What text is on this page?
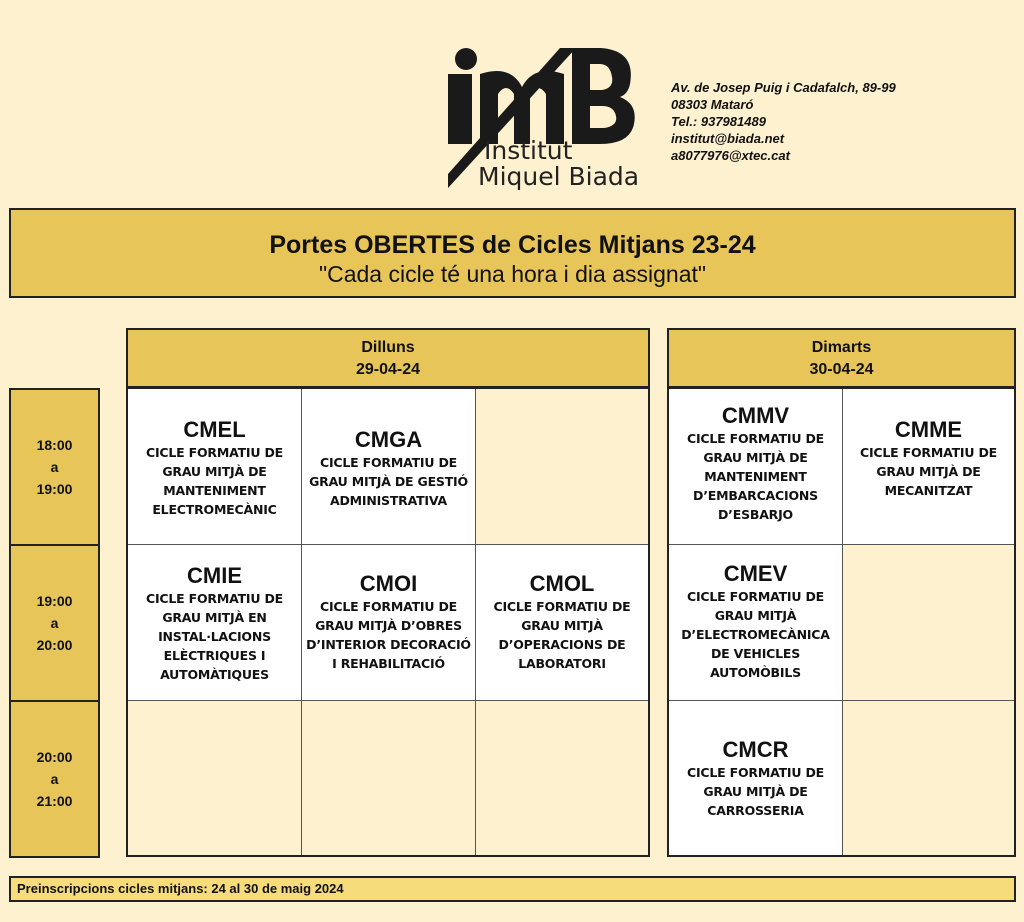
Institut
Miquel Biada
Av. de Josep Puig i Cadafalch, 89-99
08303 Mataró
Tel.: 937981489
institut@biada.net
a8077976@xtec.cat
Portes OBERTES de Cicles Mitjans 23-24
"Cada cicle té una hora i dia assignat"
Dilluns
29-04-24
Dimarts
30-04-24
18:00
a
19:00
19:00
a
20:00
20:00
a
21:00
CMEL
CICLE FORMATIU DE
GRAU MITJÀ DE
MANTENIMENT
ELECTROMECÀNIC
CMGA
CICLE FORMATIU DE
GRAU MITJÀ DE GESTIÓ
ADMINISTRATIVA
CMIE
CICLE FORMATIU DE
GRAU MITJÀ EN
INSTAL·LACIONS
ELÈCTRIQUES I
AUTOMÀTIQUES
CMOI
CICLE FORMATIU DE
GRAU MITJÀ D’OBRES
D’INTERIOR DECORACIÓ
I REHABILITACIÓ
CMOL
CICLE FORMATIU DE
GRAU MITJÀ
D’OPERACIONS DE
LABORATORI
CMMV
CICLE FORMATIU DE
GRAU MITJÀ DE
MANTENIMENT
D’EMBARCACIONS
D’ESBARJO
CMME
CICLE FORMATIU DE
GRAU MITJÀ DE
MECANITZAT
CMEV
CICLE FORMATIU DE
GRAU MITJÀ
D’ELECTROMECÀNICA
DE VEHICLES
AUTOMÒBILS
CMCR
CICLE FORMATIU DE
GRAU MITJÀ DE
CARROSSERIA
Preinscripcions cicles mitjans: 24 al 30 de maig 2024
